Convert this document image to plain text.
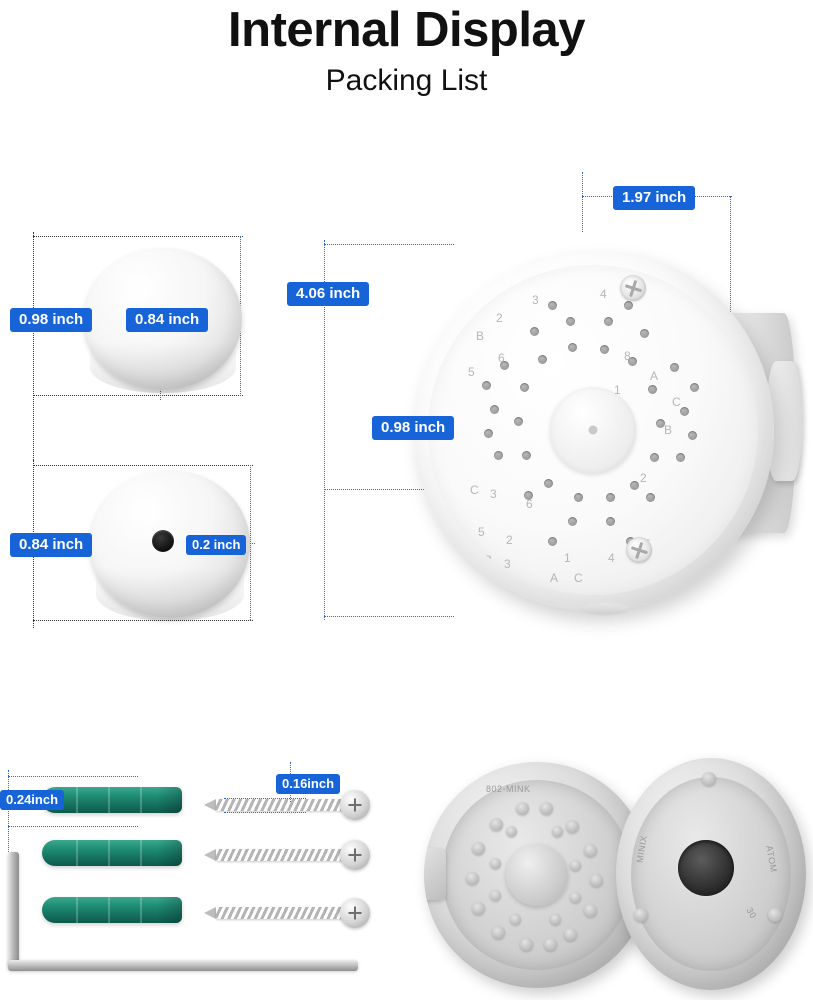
Internal Display
Packing List
0.98 inch	0.84 inch
0.84 inch	0.2 inch
1.97 inch
4.06 inch
0.98 inch
B
2
3	4
5
6	8
1
A
C
B
C 3
6
2
5
2
1	4
B 3
A C
0.24inch
0.16inch	802-MINK
MINIX	ATOM
30
